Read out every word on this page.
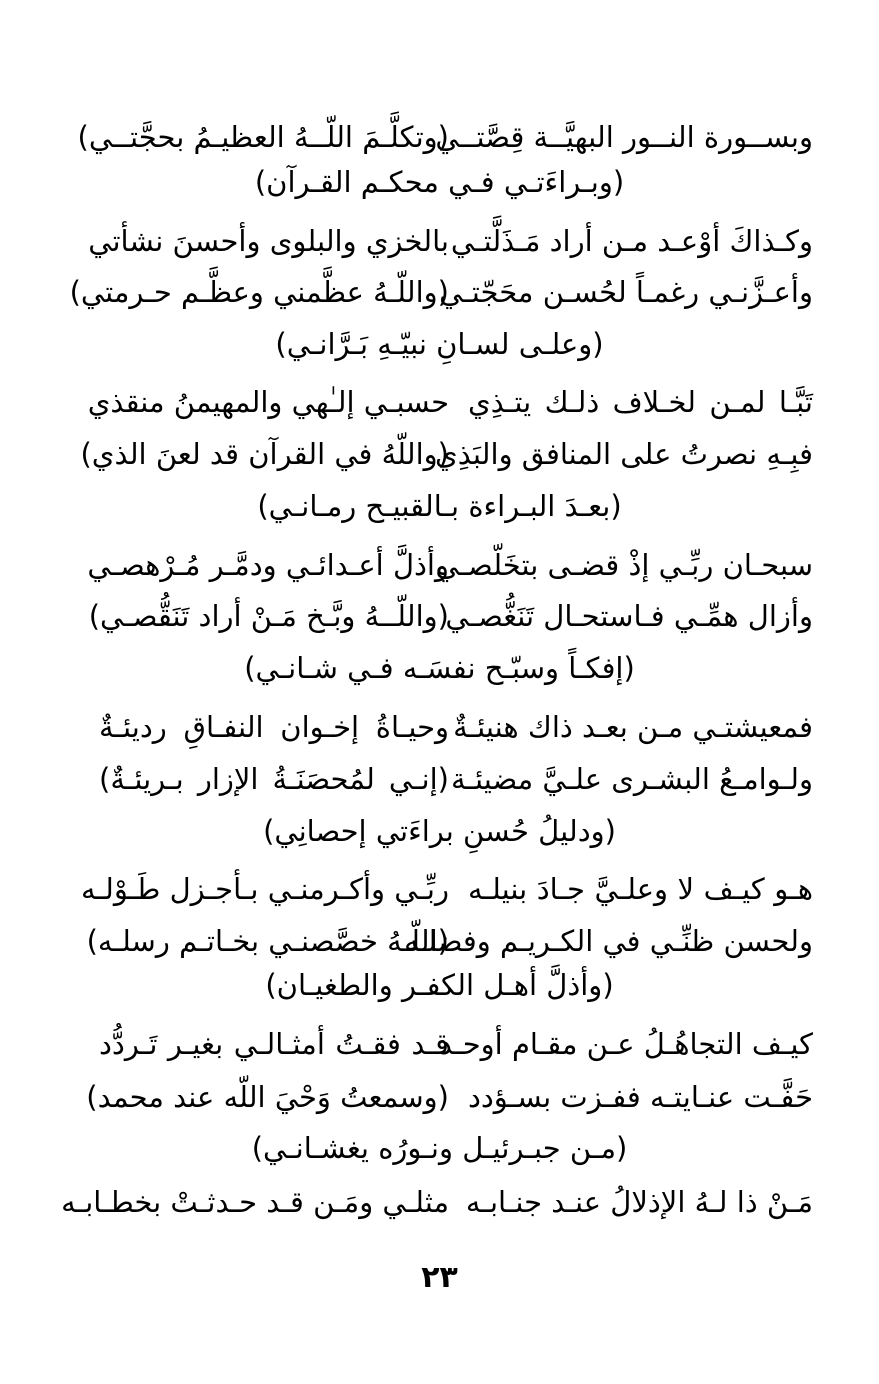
وبســورة النــور البهيَّــة قِصَّتــي
(وتكلَّـمَ اللّــهُ العظيـمُ بحجَّتــي)
(وبـراءَتـي فـي محكـم القـرآن)
وكـذاكَ أوْعـد مـن أراد مَـذَلَّتـي
بالخزي والبلوى وأحسنَ نشأتي
وأعـزَّنـي رغمـاً لحُسـن محَجّتـي
(واللّـهُ عظَّمني وعظَّـم حـرمتي)
(وعلـى لسـانِ نبيّـهِ بَـرَّانـي)
تَبَّـا لمـن لخـلاف ذلـك يتـذِي
حسبـي إلـٰهي والمهيمنُ منقذي
فبِـهِ نصرتُ على المنافق والبَذِي
(واللّهُ في القرآن قد لعنَ الذي)
(بعـدَ البـراءة بـالقبيـح رمـانـي)
سبحـان ربِّـي إذْ قضـى بتخَلّصـي
وأذلَّ أعـدائـي ودمَّـر مُـرْهصـي
وأزال همِّـي فـاستحـال تَنَغُّصـي
(واللّــهُ وبَّـخ مَـنْ أراد تَنَقُّصـي)
(إفكـاً وسبّـح نفسَـه فـي شـانـي)
فمعيشتـي مـن بعـد ذاك هنيئـةٌ
وحيـاةُ إخـوان النفـاقِ رديئـةٌ
ولـوامـعُ البشـرى علـيَّ مضيئـة
(إنـي لمُحصَنَـةُ الإزار بـريئـةٌ)
(ودليلُ حُسنِ براءَتي إحصانِي)
هـو كيـف لا وعلـيَّ جـادَ بنيلـه
ربِّـي وأكـرمنـي بـأجـزل طَـوْلـه
ولحسن ظنِّـي في الكـريـم وفضلـه
(اللّـهُ خصَّصنـي بخـاتـم رسلـه)
(وأذلَّ أهـل الكفـر والطغيـان)
كيـف التجاهُـلُ عـن مقـام أوحـد
قـد فقـتُ أمثـالـي بغيـر تَـردُّد
حَفَّـت عنـايتـه ففـزت بسـؤدد
(وسمعتُ وَحْيَ اللّه عند محمد)
(مـن جبـرئيـل ونـورُه يغشـانـي)
مَـنْ ذا لـهُ الإذلالُ عنـد جنـابـه
مثلـي ومَـن قـد حـدثـتْ بخطـابـه
٢٣
